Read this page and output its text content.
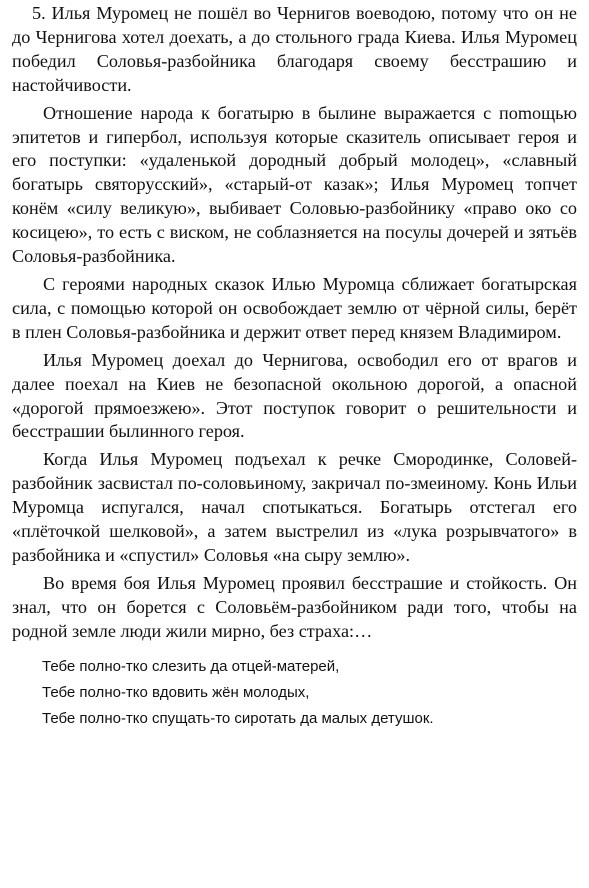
5. Илья Муромец не пошёл во Чернигов воеводою, потому что он не до Чернигова хотел доехать, а до стольного града Киева. Илья Муромец победил Соловья-разбойника благодаря своему бесстрашию и настойчивости.

Отношение народа к богатырю в былине выражается с поmощью эпитетов и гипербол, используя которые сказитель описывает героя и его поступки: «удаленькой дородный добрый молодец», «славный богатырь святорусский», «старый-от казак»; Илья Муромец топчет конём «силу великую», выбивает Соловью-разбойнику «право око со косицею», то есть с виском, не соблазняется на посулы дочерей и зятьёв Соловья-разбойника.

С героями народных сказок Илью Муромца сближает богатырская сила, с помощью которой он освобождает землю от чёрной силы, берёт в плен Соловья-разбойника и держит ответ перед князем Владимиром.

Илья Муромец доехал до Чернигова, освободил его от врагов и далее поехал на Киев не безопасной окольною дорогой, а опасной «дорогой прямоезжею». Этот поступок говорит о решительности и бесстрашии былинного героя.

Когда Илья Муромец подъехал к речке Смородинке, Соловей-разбойник засвистал по-соловьиному, закричал по-змеиному. Конь Ильи Муромца испугался, начал спотыкаться. Богатырь отстегал его «плёточкой шелковой», а затем выстрелил из «лука розрывчатого» в разбойника и «спустил» Соловья «на сыру землю».

Во время боя Илья Муромец проявил бесстрашие и стойкость. Он знал, что он борется с Соловьём-разбойником ради того, чтобы на родной земле люди жили мирно, без страха:…

Тебе полно-тко слезить да отцей-матерей,
Тебе полно-тко вдовить жён молодых,
Тебе полно-тко спущать-то сиротать да малых детушок.
